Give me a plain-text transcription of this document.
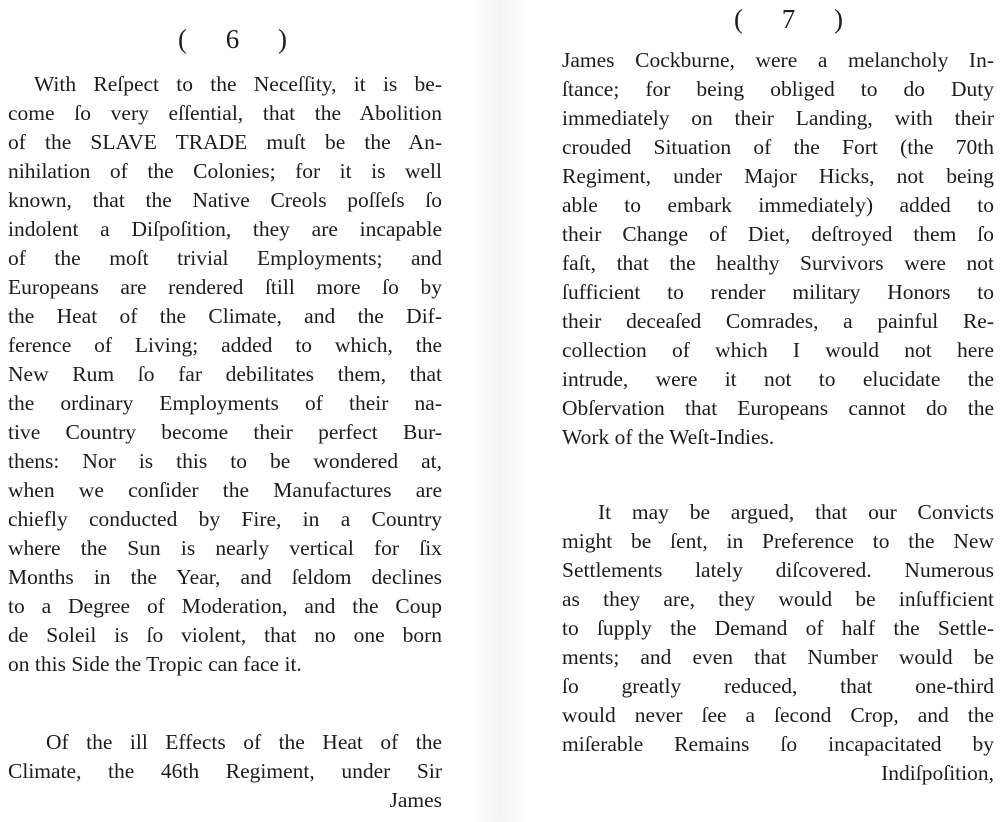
( 6 )
With Reſpect to the Neceſſity, it is be-
come ſo very eſſential, that the Abolition
of the SLAVE TRADE muſt be the An-
nihilation of the Colonies; for it is well
known, that the Native Creols poſſeſs ſo
indolent a Diſpoſition, they are incapable
of the moſt trivial Employments; and
Europeans are rendered ſtill more ſo by
the Heat of the Climate, and the Dif-
ference of Living; added to which, the
New Rum ſo far debilitates them, that
the ordinary Employments of their na-
tive Country become their perfect Bur-
thens: Nor is this to be wondered at,
when we conſider the Manufactures are
chiefly conducted by Fire, in a Country
where the Sun is nearly vertical for ſix
Months in the Year, and ſeldom declines
to a Degree of Moderation, and the Coup
de Soleil is ſo violent, that no one born
on this Side the Tropic can face it.
Of the ill Effects of the Heat of the
Climate, the 46th Regiment, under Sir
James
( 7 )
James Cockburne, were a melancholy In-
ſtance; for being obliged to do Duty
immediately on their Landing, with their
crouded Situation of the Fort (the 70th
Regiment, under Major Hicks, not being
able to embark immediately) added to
their Change of Diet, deſtroyed them ſo
faſt, that the healthy Survivors were not
ſufficient to render military Honors to
their deceaſed Comrades, a painful Re-
collection of which I would not here
intrude, were it not to elucidate the
Obſervation that Europeans cannot do the
Work of the Weſt-Indies.
It may be argued, that our Convicts
might be ſent, in Preference to the New
Settlements lately diſcovered. Numerous
as they are, they would be inſufficient
to ſupply the Demand of half the Settle-
ments; and even that Number would be
ſo greatly reduced, that one-third
would never ſee a ſecond Crop, and the
miſerable Remains ſo incapacitated by
Indiſpoſition,
